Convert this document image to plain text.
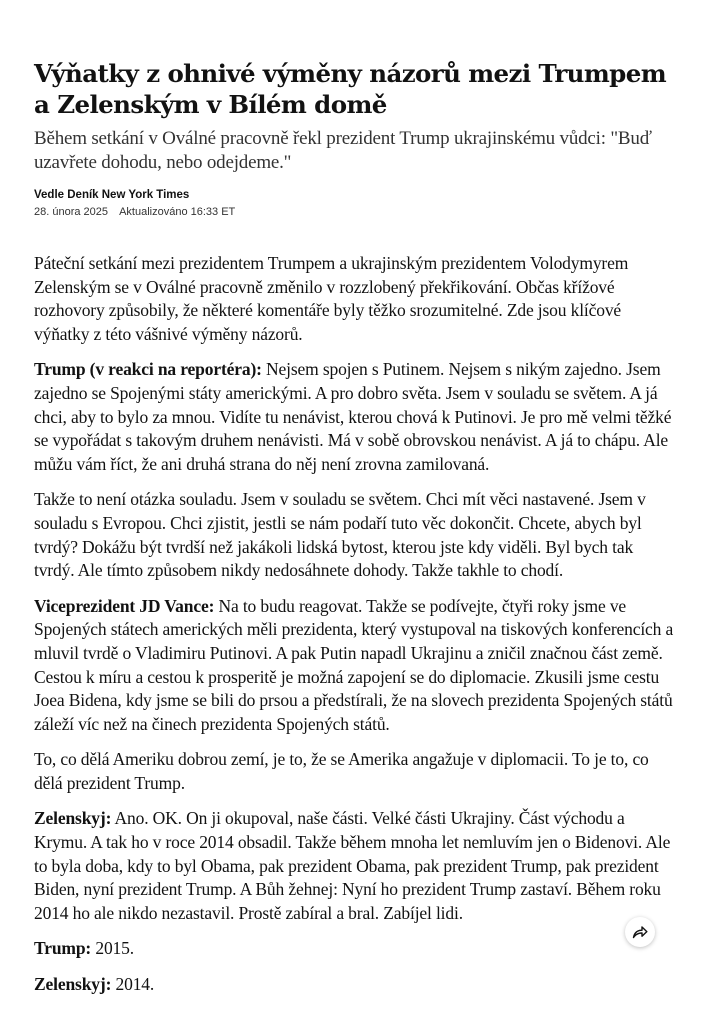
Výňatky z ohnivé výměny názorů mezi Trumpem a Zelenským v Bílém domě

Během setkání v Oválné pracovně řekl prezident Trump ukrajinskému vůdci: "Buď uzavřete dohodu, nebo odejdeme."

Vedle Deník New York Times
28. února 2025 Aktualizováno 16:33 ET

Páteční setkání mezi prezidentem Trumpem a ukrajinským prezidentem Volodymyrem Zelenským se v Oválné pracovně změnilo v rozzlobený překřikování. Občas křížové rozhovory způsobily, že některé komentáře byly těžko srozumitelné. Zde jsou klíčové výňatky z této vášnivé výměny názorů.

Trump (v reakci na reportéra): Nejsem spojen s Putinem. Nejsem s nikým zajedno. Jsem zajedno se Spojenými státy americkými. A pro dobro světa. Jsem v souladu se světem. A já chci, aby to bylo za mnou. Vidíte tu nenávist, kterou chová k Putinovi. Je pro mě velmi těžké se vypořádat s takovým druhem nenávisti. Má v sobě obrovskou nenávist. A já to chápu. Ale můžu vám říct, že ani druhá strana do něj není zrovna zamilovaná.

Takže to není otázka souladu. Jsem v souladu se světem. Chci mít věci nastavené. Jsem v souladu s Evropou. Chci zjistit, jestli se nám podaří tuto věc dokončit. Chcete, abych byl tvrdý? Dokážu být tvrdší než jakákoli lidská bytost, kterou jste kdy viděli. Byl bych tak tvrdý. Ale tímto způsobem nikdy nedosáhnete dohody. Takže takhle to chodí.

Viceprezident JD Vance: Na to budu reagovat. Takže se podívejte, čtyři roky jsme ve Spojených státech amerických měli prezidenta, který vystupoval na tiskových konferencích a mluvil tvrdě o Vladimiru Putinovi. A pak Putin napadl Ukrajinu a zničil značnou část země. Cestou k míru a cestou k prosperitě je možná zapojení se do diplomacie. Zkusili jsme cestu Joea Bidena, kdy jsme se bili do prsou a předstírali, že na slovech prezidenta Spojených států záleží víc než na činech prezidenta Spojených států.

To, co dělá Ameriku dobrou zemí, je to, že se Amerika angažuje v diplomacii. To je to, co dělá prezident Trump.

Zelenskyj: Ano. OK. On ji okupoval, naše části. Velké části Ukrajiny. Část východu a Krymu. A tak ho v roce 2014 obsadil. Takže během mnoha let nemluvím jen o Bidenovi. Ale to byla doba, kdy to byl Obama, pak prezident Obama, pak prezident Trump, pak prezident Biden, nyní prezident Trump. A Bůh žehnej: Nyní ho prezident Trump zastaví. Během roku 2014 ho ale nikdo nezastavil. Prostě zabíral a bral. Zabíjel lidi.

Trump: 2015.

Zelenskyj: 2014.
